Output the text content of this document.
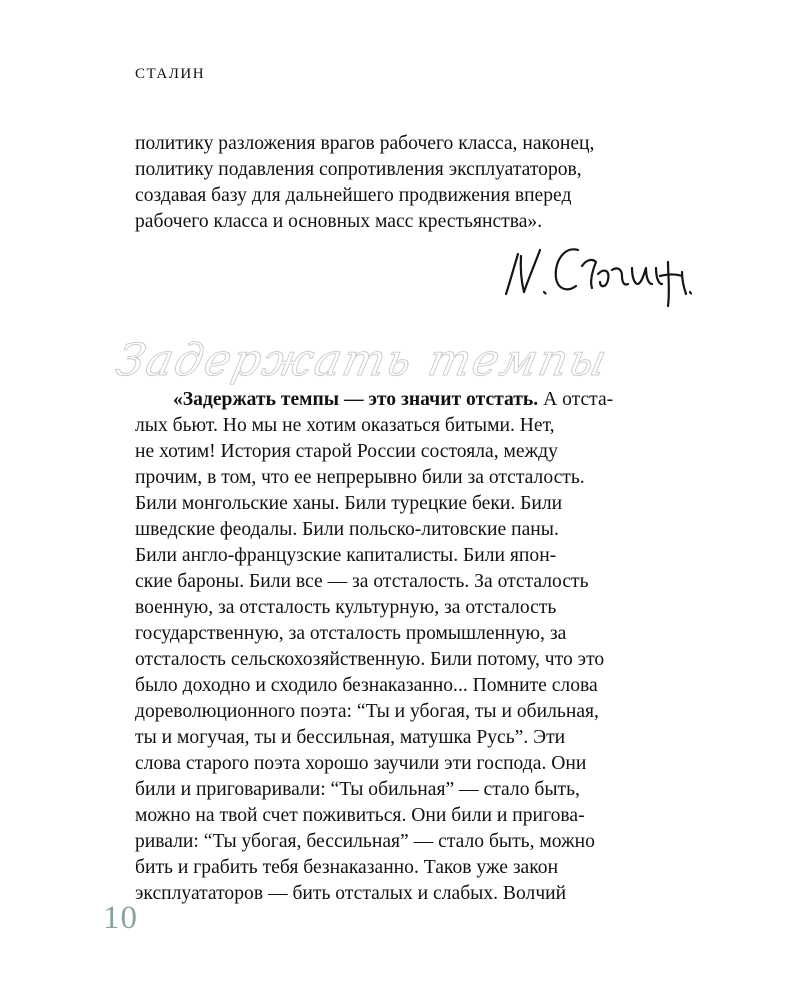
СТАЛИН
политику разложения врагов рабочего класса, наконец,
политику подавления сопротивления эксплуататоров,
создавая базу для дальнейшего продвижения вперед
рабочего класса и основных масс крестьянства».
Задержать темпы
«Задержать темпы — это значит отстать. А отста-
лых бьют. Но мы не хотим оказаться битыми. Нет,
не хотим! История старой России состояла, между
прочим, в том, что ее непрерывно били за отсталость.
Били монгольские ханы. Били турецкие беки. Били
шведские феодалы. Били польско-литовские паны.
Били англо-французские капиталисты. Били япон-
ские бароны. Били все — за отсталость. За отсталость
военную, за отсталость культурную, за отсталость
государственную, за отсталость промышленную, за
отсталость сельскохозяйственную. Били потому, что это
было доходно и сходило безнаказанно... Помните слова
дореволюционного поэта: “Ты и убогая, ты и обильная,
ты и могучая, ты и бессильная, матушка Русь”. Эти
слова старого поэта хорошо заучили эти господа. Они
били и приговаривали: “Ты обильная” — стало быть,
можно на твой счет поживиться. Они били и пригова-
ривали: “Ты убогая, бессильная” — стало быть, можно
бить и грабить тебя безнаказанно. Таков уже закон
эксплуататоров — бить отсталых и слабых. Волчий
10
